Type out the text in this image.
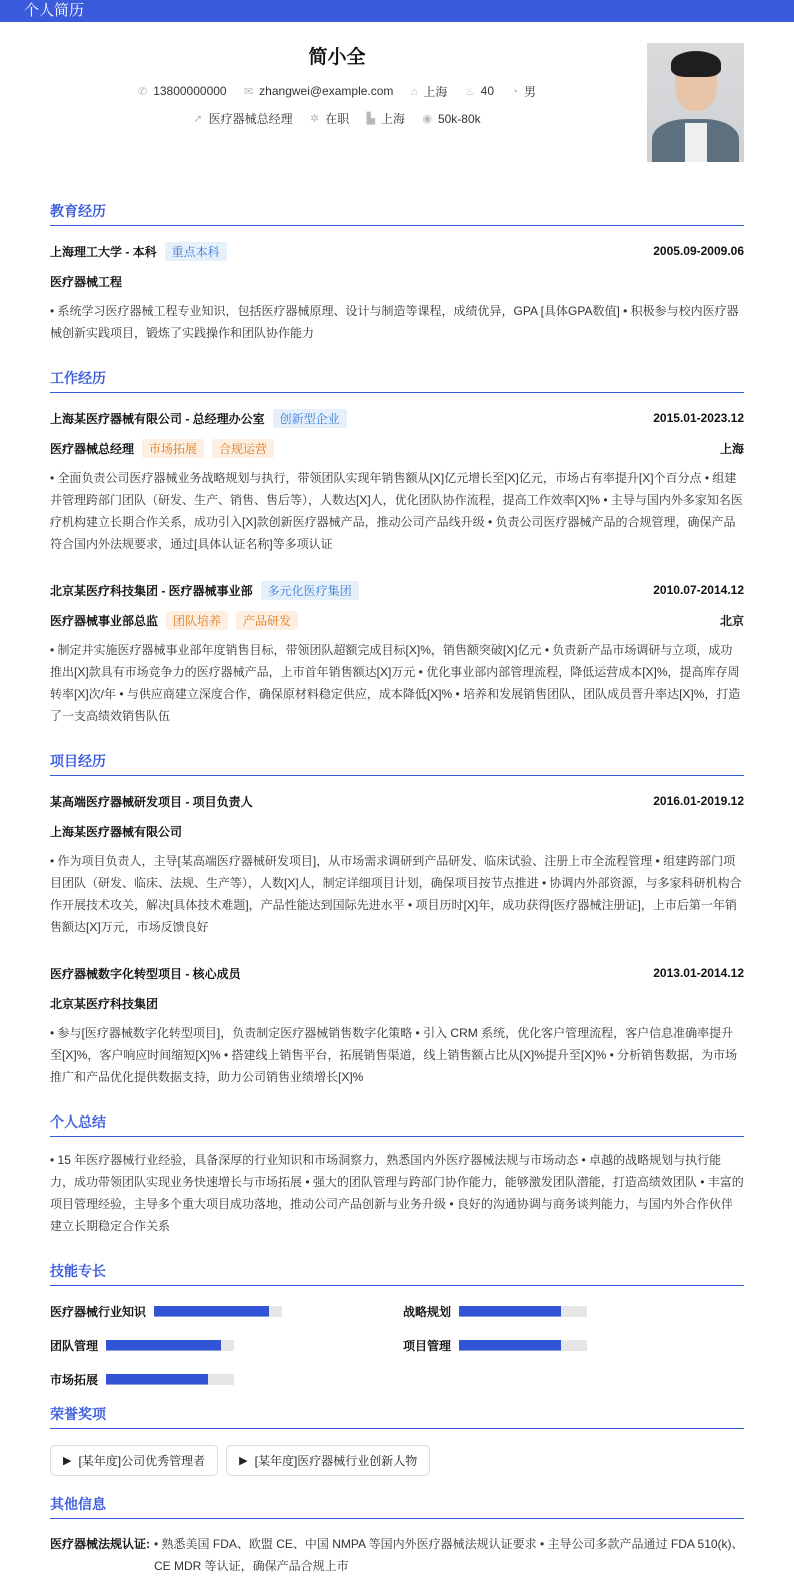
个人简历
简小全
✆ 13800000000
✉ zhangwei@example.com
⌂ 上海
♨ 40
◔ 男
➚ 医疗器械总经理
✲ 在职
▙ 上海
◉ 50k-80k
教育经历
上海理工大学 - 本科	重点本科	2005.09-2009.06
医疗器械工程
• 系统学习医疗器械工程专业知识，包括医疗器械原理、设计与制造等课程，成绩优异，GPA [具体GPA数值] • 积极参与校内医疗器械创新实践项目，锻炼了实践操作和团队协作能力
工作经历
上海某医疗器械有限公司 - 总经理办公室	创新型企业	2015.01-2023.12
医疗器械总经理	市场拓展	合规运营	上海
• 全面负责公司医疗器械业务战略规划与执行，带领团队实现年销售额从[X]亿元增长至[X]亿元，市场占有率提升[X]个百分点 • 组建并管理跨部门团队（研发、生产、销售、售后等），人数达[X]人，优化团队协作流程，提高工作效率[X]% • 主导与国内外多家知名医疗机构建立长期合作关系，成功引入[X]款创新医疗器械产品，推动公司产品线升级 • 负责公司医疗器械产品的合规管理，确保产品符合国内外法规要求，通过[具体认证名称]等多项认证
北京某医疗科技集团 - 医疗器械事业部	多元化医疗集团	2010.07-2014.12
医疗器械事业部总监	团队培养	产品研发	北京
• 制定并实施医疗器械事业部年度销售目标，带领团队超额完成目标[X]%，销售额突破[X]亿元 • 负责新产品市场调研与立项，成功推出[X]款具有市场竞争力的医疗器械产品，上市首年销售额达[X]万元 • 优化事业部内部管理流程，降低运营成本[X]%，提高库存周转率[X]次/年 • 与供应商建立深度合作，确保原材料稳定供应，成本降低[X]% • 培养和发展销售团队，团队成员晋升率达[X]%，打造了一支高绩效销售队伍
项目经历
某高端医疗器械研发项目 - 项目负责人	2016.01-2019.12
上海某医疗器械有限公司
• 作为项目负责人，主导[某高端医疗器械研发项目]，从市场需求调研到产品研发、临床试验、注册上市全流程管理 • 组建跨部门项目团队（研发、临床、法规、生产等），人数[X]人，制定详细项目计划，确保项目按节点推进 • 协调内外部资源，与多家科研机构合作开展技术攻关，解决[具体技术难题]，产品性能达到国际先进水平 • 项目历时[X]年，成功获得[医疗器械注册证]，上市后第一年销售额达[X]万元，市场反馈良好
医疗器械数字化转型项目 - 核心成员	2013.01-2014.12
北京某医疗科技集团
• 参与[医疗器械数字化转型项目]，负责制定医疗器械销售数字化策略 • 引入 CRM 系统，优化客户管理流程，客户信息准确率提升至[X]%，客户响应时间缩短[X]% • 搭建线上销售平台，拓展销售渠道，线上销售额占比从[X]%提升至[X]% • 分析销售数据，为市场推广和产品优化提供数据支持，助力公司销售业绩增长[X]%
个人总结
• 15 年医疗器械行业经验，具备深厚的行业知识和市场洞察力，熟悉国内外医疗器械法规与市场动态 • 卓越的战略规划与执行能力，成功带领团队实现业务快速增长与市场拓展 • 强大的团队管理与跨部门协作能力，能够激发团队潜能，打造高绩效团队 • 丰富的项目管理经验，主导多个重大项目成功落地，推动公司产品创新与业务升级 • 良好的沟通协调与商务谈判能力，与国内外合作伙伴建立长期稳定合作关系
技能专长
医疗器械行业知识	战略规划
团队管理	项目管理
市场拓展
荣誉奖项
▶ [某年度]公司优秀管理者	▶ [某年度]医疗器械行业创新人物
其他信息
医疗器械法规认证: • 熟悉美国 FDA、欧盟 CE、中国 NMPA 等国内外医疗器械法规认证要求 • 主导公司多款产品通过 FDA 510(k)、CE MDR 等认证，确保产品合规上市
